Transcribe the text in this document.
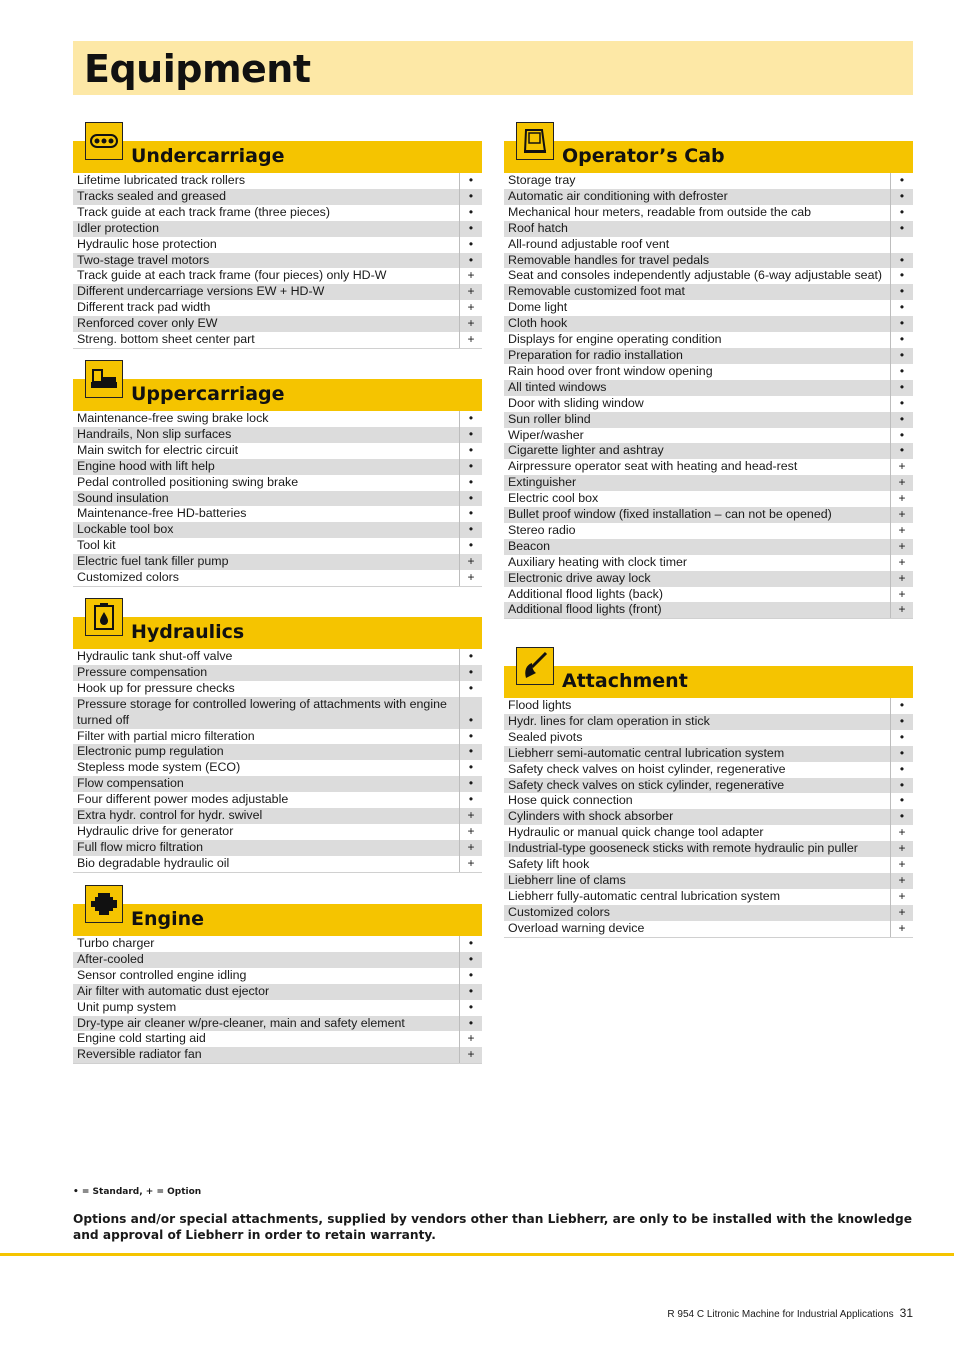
Equipment
Undercarriage
Lifetime lubricated track rollers	•
Tracks sealed and greased	•
Track guide at each track frame (three pieces)	•
Idler protection	•
Hydraulic hose protection	•
Two-stage travel motors	•
Track guide at each track frame (four pieces) only HD-W	+
Different undercarriage versions EW + HD-W	+
Different track pad width	+
Renforced cover only EW	+
Streng. bottom sheet center part	+
Uppercarriage
Maintenance-free swing brake lock	•
Handrails, Non slip surfaces	•
Main switch for electric circuit	•
Engine hood with lift help	•
Pedal controlled positioning swing brake	•
Sound insulation	•
Maintenance-free HD-batteries	•
Lockable tool box	•
Tool kit	•
Electric fuel tank filler pump	+
Customized colors	+
Hydraulics
Hydraulic tank shut-off valve	•
Pressure compensation	•
Hook up for pressure checks	•
Pressure storage for controlled lowering of attachments with engine turned off	•
Filter with partial micro filteration	•
Electronic pump regulation	•
Stepless mode system (ECO)	•
Flow compensation	•
Four different power modes adjustable	•
Extra hydr. control for hydr. swivel	+
Hydraulic drive for generator	+
Full flow micro filtration	+
Bio degradable hydraulic oil	+
Engine
Turbo charger	•
After-cooled	•
Sensor controlled engine idling	•
Air filter with automatic dust ejector	•
Unit pump system	•
Dry-type air cleaner w/pre-cleaner, main and safety element	•
Engine cold starting aid	+
Reversible radiator fan	+
Operator’s Cab
Storage tray	•
Automatic air conditioning with defroster	•
Mechanical hour meters, readable from outside the cab	•
Roof hatch	•
All-round adjustable roof vent
Removable handles for travel pedals	•
Seat and consoles independently adjustable (6-way adjustable seat)	•
Removable customized foot mat	•
Dome light	•
Cloth hook	•
Displays for engine operating condition	•
Preparation for radio installation	•
Rain hood over front window opening	•
All tinted windows	•
Door with sliding window	•
Sun roller blind	•
Wiper/washer	•
Cigarette lighter and ashtray	•
Airpressure operator seat with heating and head-rest	+
Extinguisher	+
Electric cool box	+
Bullet proof window (fixed installation – can not be opened)	+
Stereo radio	+
Beacon	+
Auxiliary heating with clock timer	+
Electronic drive away lock	+
Additional flood lights (back)	+
Additional flood lights (front)	+
Attachment
Flood lights	•
Hydr. lines for clam operation in stick	•
Sealed pivots	•
Liebherr semi-automatic central lubrication system	•
Safety check valves on hoist cylinder, regenerative	•
Safety check valves on stick cylinder, regenerative	•
Hose quick connection	•
Cylinders with shock absorber	•
Hydraulic or manual quick change tool adapter	+
Industrial-type gooseneck sticks with remote hydraulic pin puller	+
Safety lift hook	+
Liebherr line of clams	+
Liebherr fully-automatic central lubrication system	+
Customized colors	+
Overload warning device	+
• = Standard, + = Option
Options and/or special attachments, supplied by vendors other than Liebherr, are only to be installed with the knowledge and approval of Liebherr in order to retain warranty.
R 954 C Litronic Machine for Industrial Applications 31
